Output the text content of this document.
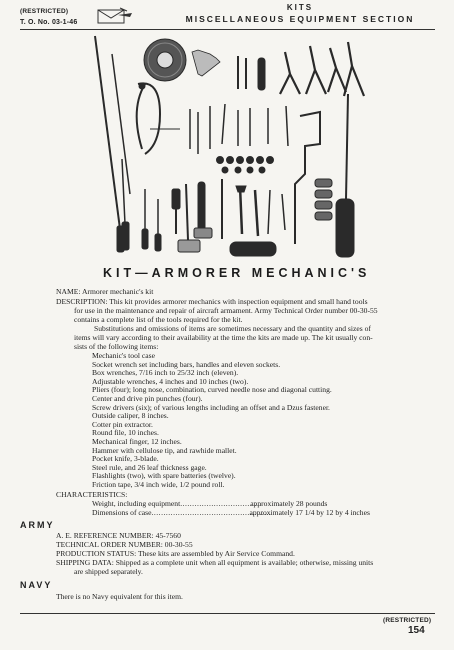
(RESTRICTED)
T. O. No. 03-1-46
KITS
MISCELLANEOUS EQUIPMENT SECTION
KIT—ARMORER MECHANIC'S
NAME: Armorer mechanic's kit
DESCRIPTION: This kit provides armorer mechanics with inspection equipment and small hand tools
for use in the maintenance and repair of aircraft armament. Army Technical Order number 00-30-55
contains a complete list of the tools required for the kit.
Substitutions and omissions of items are sometimes necessary and the quantity and sizes of
items will vary according to their availability at the time the kits are made up. The kit usually con-
sists of the following items:
Mechanic's tool case
Socket wrench set including bars, handles and eleven sockets.
Box wrenches, 7/16 inch to 25/32 inch (eleven).
Adjustable wrenches, 4 inches and 10 inches (two).
Pliers (four); long nose, combination, curved needle nose and diagonal cutting.
Center and drive pin punches (four).
Screw drivers (six); of various lengths including an offset and a Dzus fastener.
Outside caliper, 8 inches.
Cotter pin extractor.
Round file, 10 inches.
Mechanical finger, 12 inches.
Hammer with cellulose tip, and rawhide mallet.
Pocket knife, 3-blade.
Steel rule, and 26 leaf thickness gage.
Flashlights (two), with spare batteries (twelve).
Friction tape, 3/4 inch wide, 1/2 pound roll.
CHARACTERISTICS:
Weight, including equipment ..................................
approximately 28 pounds
Dimensions of case ..................................................
approximately 17 1/4 by 12 by 4 inches
ARMY
A. E. REFERENCE NUMBER: 45-7560
TECHNICAL ORDER NUMBER: 00-30-55
PRODUCTION STATUS: These kits are assembled by Air Service Command.
SHIPPING DATA: Shipped as a complete unit when all equipment is available; otherwise, missing units
are shipped separately.
NAVY
There is no Navy equivalent for this item.
(RESTRICTED)
154
